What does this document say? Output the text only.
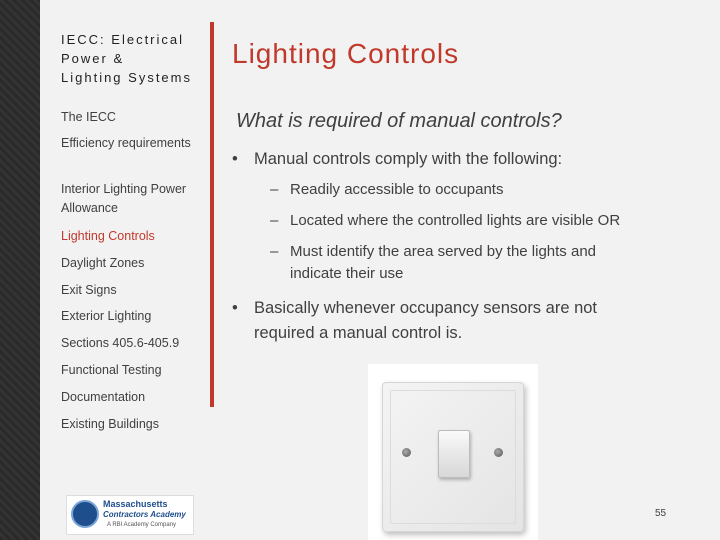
IECC: Electrical
Power &
Lighting Systems
The IECC
Efficiency requirements
Interior Lighting Power Allowance
Lighting Controls
Daylight Zones
Exit Signs
Exterior Lighting
Sections 405.6-405.9
Functional Testing
Documentation
Existing Buildings
Lighting Controls
What is required of manual controls?
• Manual controls comply with the following:
– Readily accessible to occupants
– Located where the controlled lights are visible OR
– Must identify the area served by the lights and indicate their use
• Basically whenever occupancy sensors are not required a manual control is.
Massachusetts
Contractors Academy
A RBI Academy Company
55
